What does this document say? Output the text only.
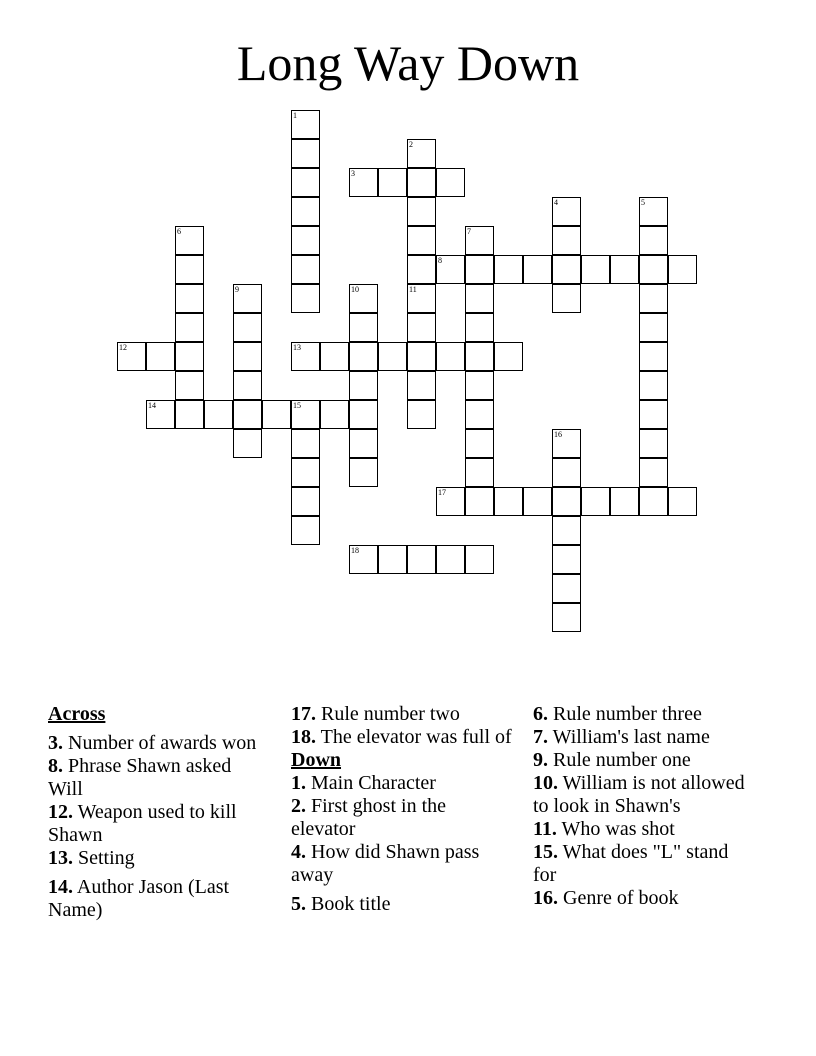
Long Way Down
1
2
3
4	5
6	7
8
9	10	11
12	13
14	15
16
17
18
Across
3. Number of awards won
8. Phrase Shawn asked Will
12. Weapon used to kill Shawn
13. Setting
14. Author Jason (Last Name)
17. Rule number two
18. The elevator was full of
Down
1. Main Character
2. First ghost in the elevator
4. How did Shawn pass away
5. Book title
6. Rule number three
7. William's last name
9. Rule number one
10. William is not allowed to look in Shawn's
11. Who was shot
15. What does "L" stand for
16. Genre of book
